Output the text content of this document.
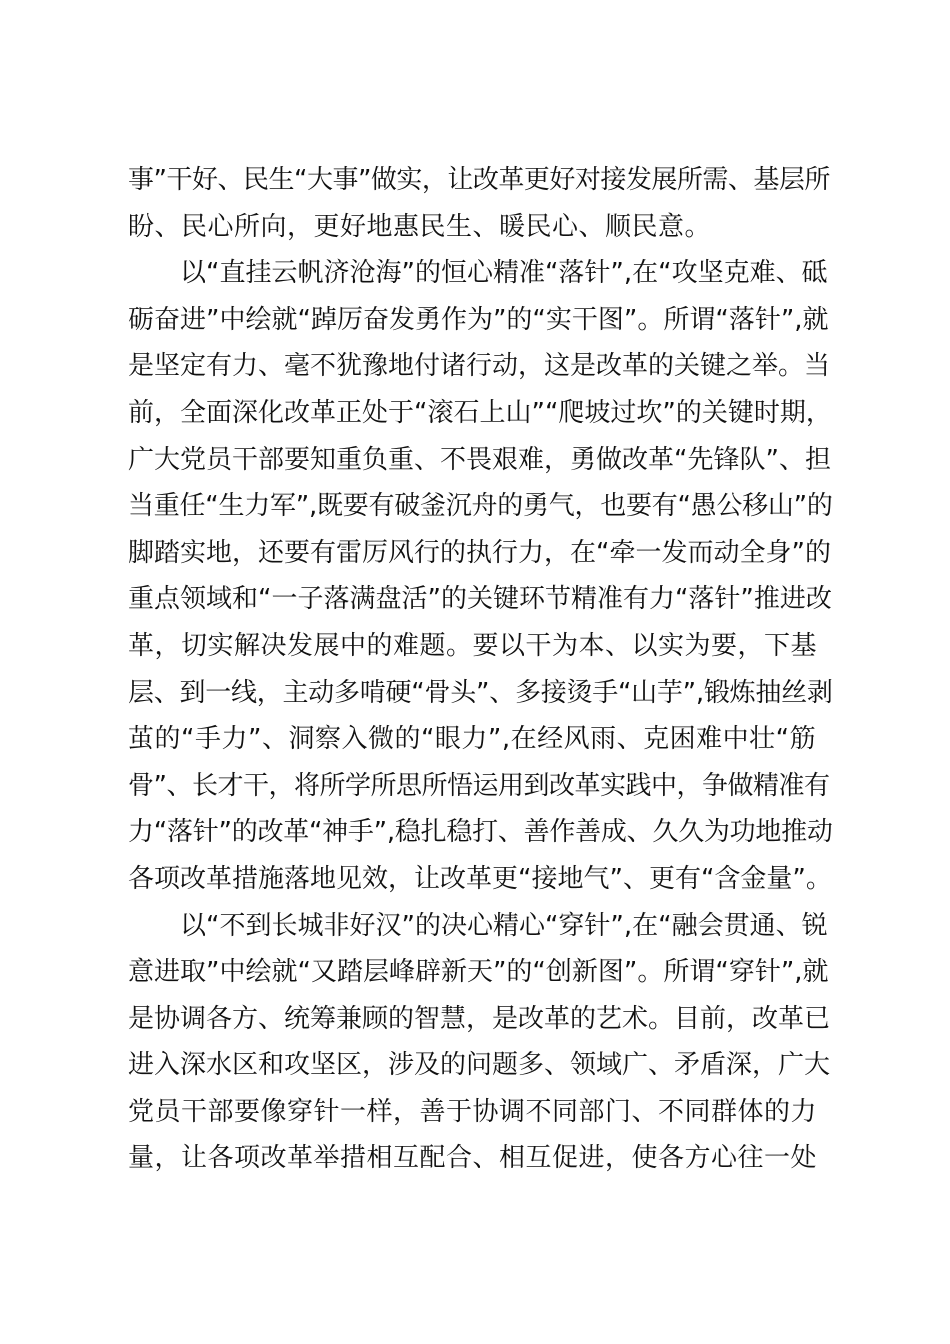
事”干好、民生“大事”做实，让改革更好对接发展所需、基层所
盼、民心所向，更好地惠民生、暖民心、顺民意。
以“直挂云帆济沧海”的恒心精准“落针”,在“攻坚克难、砥
砺奋进”中绘就“踔厉奋发勇作为”的“实干图”。所谓“落针”,就
是坚定有力、毫不犹豫地付诸行动，这是改革的关键之举。当
前，全面深化改革正处于“滚石上山”“爬坡过坎”的关键时期，
广大党员干部要知重负重、不畏艰难，勇做改革“先锋队”、担
当重任“生力军”,既要有破釜沉舟的勇气，也要有“愚公移山”的
脚踏实地，还要有雷厉风行的执行力，在“牵一发而动全身”的
重点领域和“一子落满盘活”的关键环节精准有力“落针”推进改
革，切实解决发展中的难题。要以干为本、以实为要，下基
层、到一线，主动多啃硬“骨头”、多接烫手“山芋”,锻炼抽丝剥
茧的“手力”、洞察入微的“眼力”,在经风雨、克困难中壮“筋
骨”、长才干，将所学所思所悟运用到改革实践中，争做精准有
力“落针”的改革“神手”,稳扎稳打、善作善成、久久为功地推动
各项改革措施落地见效，让改革更“接地气”、更有“含金量”。
以“不到长城非好汉”的决心精心“穿针”,在“融会贯通、锐
意进取”中绘就“又踏层峰辟新天”的“创新图”。所谓“穿针”,就
是协调各方、统筹兼顾的智慧，是改革的艺术。目前，改革已
进入深水区和攻坚区，涉及的问题多、领域广、矛盾深，广大
党员干部要像穿针一样，善于协调不同部门、不同群体的力
量，让各项改革举措相互配合、相互促进，使各方心往一处
